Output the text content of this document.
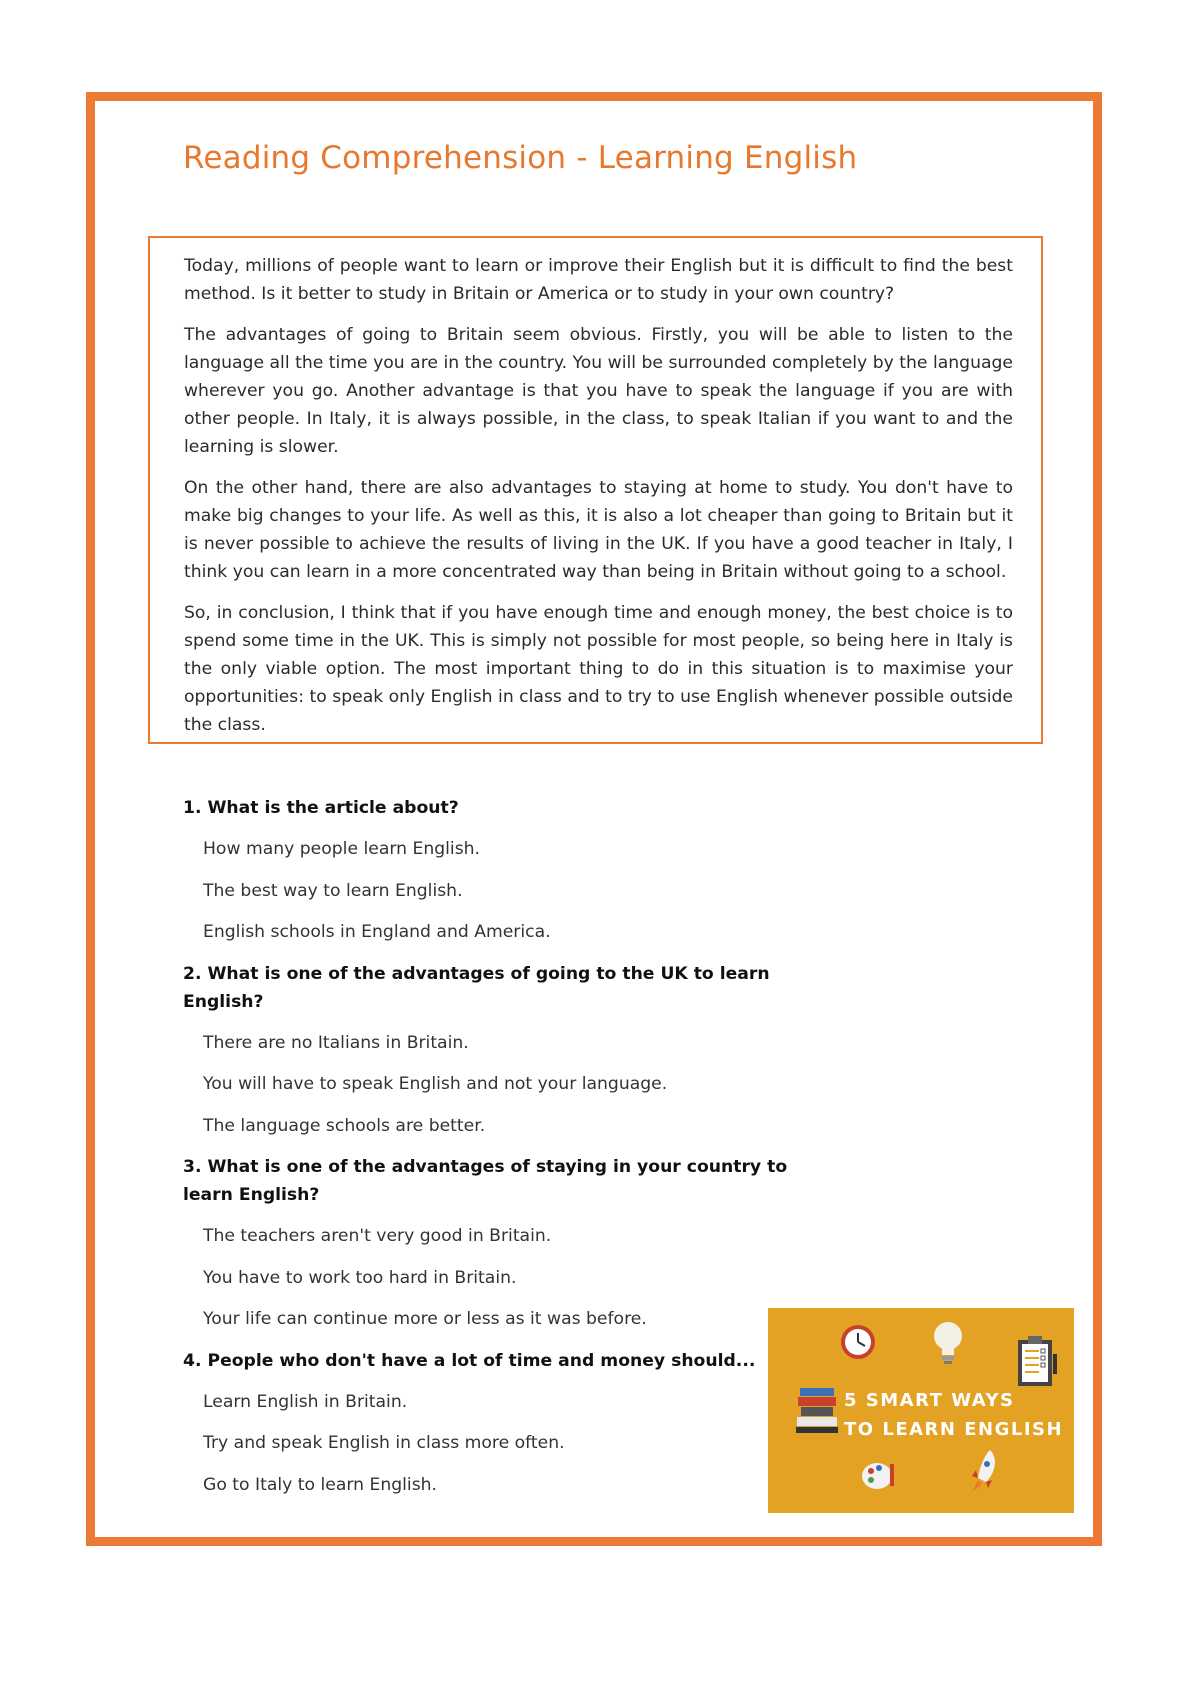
Reading Comprehension - Learning English

Today, millions of people want to learn or improve their English but it is difficult to find the best method. Is it better to study in Britain or America or to study in your own country?

The advantages of going to Britain seem obvious. Firstly, you will be able to listen to the language all the time you are in the country. You will be surrounded completely by the language wherever you go. Another advantage is that you have to speak the language if you are with other people. In Italy, it is always possible, in the class, to speak Italian if you want to and the learning is slower.

On the other hand, there are also advantages to staying at home to study. You don't have to make big changes to your life. As well as this, it is also a lot cheaper than going to Britain but it is never possible to achieve the results of living in the UK. If you have a good teacher in Italy, I think you can learn in a more concentrated way than being in Britain without going to a school.

So, in conclusion, I think that if you have enough time and enough money, the best choice is to spend some time in the UK. This is simply not possible for most people, so being here in Italy is the only viable option. The most important thing to do in this situation is to maximise your opportunities: to speak only English in class and to try to use English whenever possible outside the class.

1. What is the article about?
How many people learn English.
The best way to learn English.
English schools in England and America.
2. What is one of the advantages of going to the UK to learn English?
There are no Italians in Britain.
You will have to speak English and not your language.
The language schools are better.
3. What is one of the advantages of staying in your country to learn English?
The teachers aren't very good in Britain.
You have to work too hard in Britain.
Your life can continue more or less as it was before.
4. People who don't have a lot of time and money should...
Learn English in Britain.
Try and speak English in class more often.
Go to Italy to learn English.
5 SMART WAYS
TO LEARN ENGLISH
